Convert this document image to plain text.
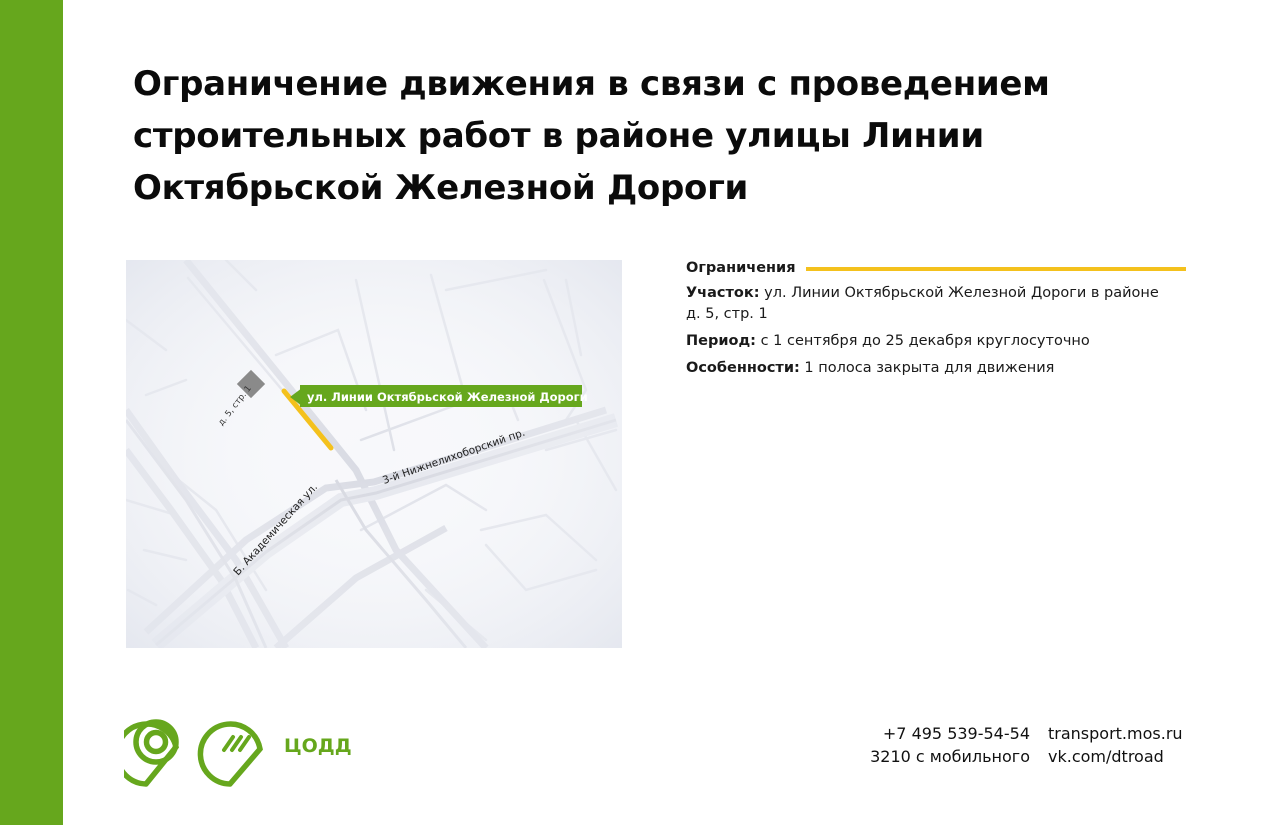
Ограничение движения в связи с проведением строительных работ в районе улицы Линии Октябрьской Железной Дороги
д. 5, стр. 1	ул. Линии Октябрьской Железной Дороги
3-й Нижнелихоборский пр.
Б. Академическая ул.
Ограничения

Участок: ул. Линии Октябрьской Железной Дороги в районе д. 5, стр. 1

Период: с 1 сентября до 25 декабря круглосуточно

Особенности: 1 полоса закрыта для движения

ЦОДД
+7 495 539-54-54
3210 с мобильного
transport.mos.ru
vk.com/dtroad
